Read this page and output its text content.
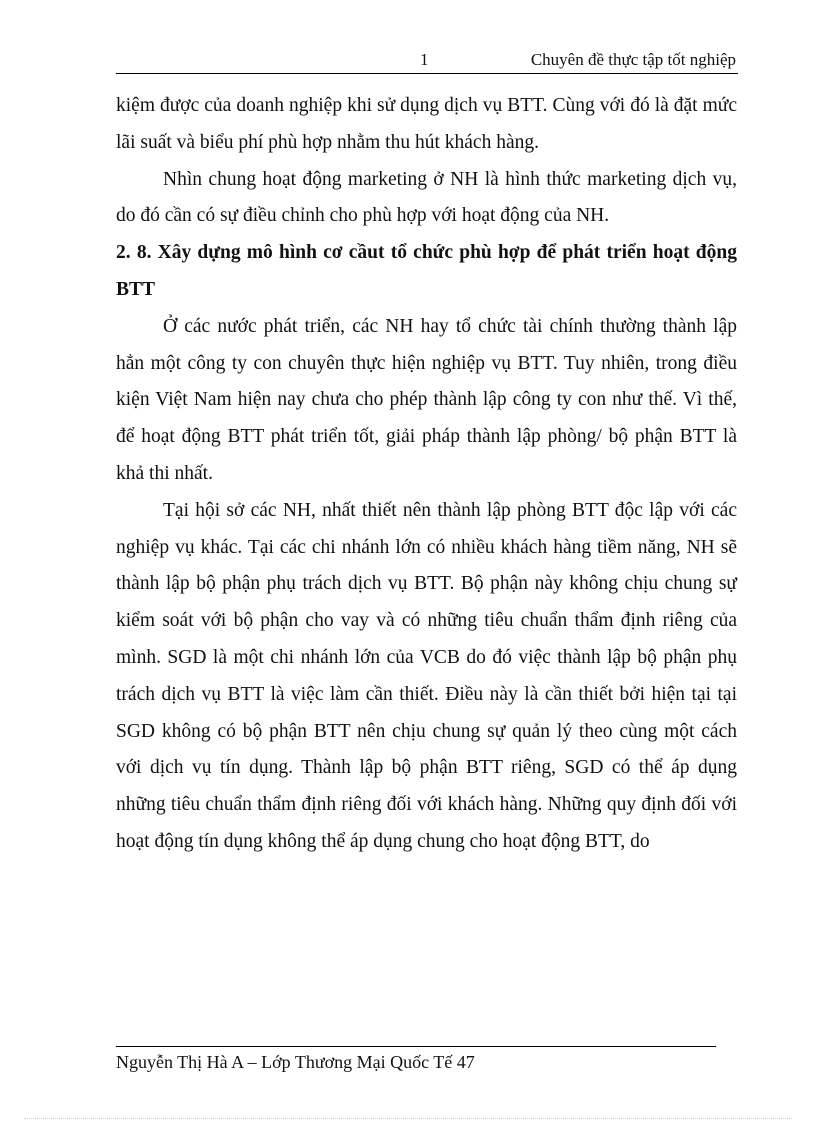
1	Chuyên đề thực tập tốt nghiệp

kiệm được của doanh nghiệp khi sử dụng dịch vụ BTT. Cùng với đó là đặt mức lãi suất và biểu phí phù hợp nhằm thu hút khách hàng.

Nhìn chung hoạt động marketing ở NH là hình thức marketing dịch vụ, do đó cần có sự điều chỉnh cho phù hợp với hoạt động của NH.

2. 8. Xây dựng mô hình cơ cầut tổ chức phù hợp để phát triển hoạt động BTT

Ở các nước phát triển, các NH hay tổ chức tài chính thường thành lập hẳn một công ty con chuyên thực hiện nghiệp vụ BTT. Tuy nhiên, trong điều kiện Việt Nam hiện nay chưa cho phép thành lập công ty con như thế. Vì thế, để hoạt động BTT phát triển tốt, giải pháp thành lập phòng/ bộ phận BTT là khả thi nhất.

Tại hội sở các NH, nhất thiết nên thành lập phòng BTT độc lập với các nghiệp vụ khác. Tại các chi nhánh lớn có nhiều khách hàng tiềm năng, NH sẽ thành lập bộ phận phụ trách dịch vụ BTT. Bộ phận này không chịu chung sự kiểm soát với bộ phận cho vay và có những tiêu chuẩn thẩm định riêng của mình. SGD là một chi nhánh lớn của VCB do đó việc thành lập bộ phận phụ trách dịch vụ BTT là việc làm cần thiết. Điều này là cần thiết bởi hiện tại tại SGD không có bộ phận BTT nên chịu chung sự quản lý theo cùng một cách với dịch vụ tín dụng. Thành lập bộ phận BTT riêng, SGD có thể áp dụng những tiêu chuẩn thẩm định riêng đối với khách hàng. Những quy định đối với hoạt động tín dụng không thể áp dụng chung cho hoạt động BTT, do

Nguyễn Thị Hà A – Lớp Thương Mại Quốc Tế 47
